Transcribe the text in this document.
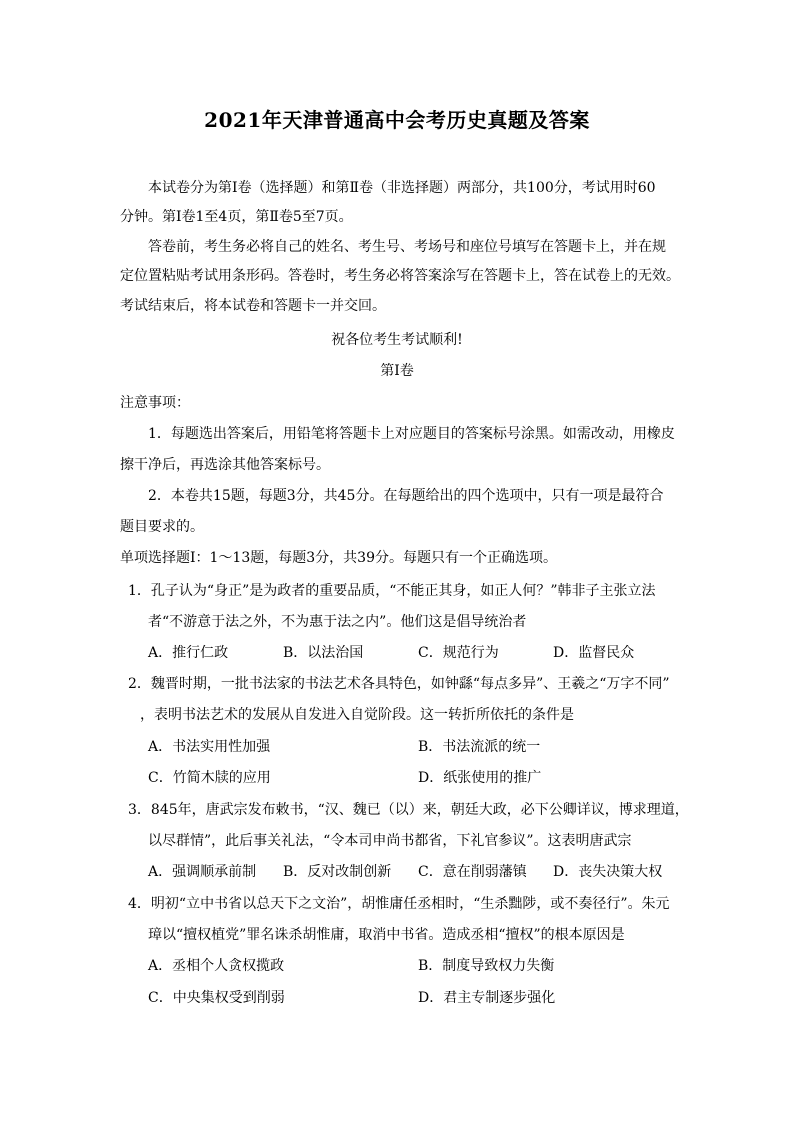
2021年天津普通高中会考历史真题及答案
本试卷分为第Ⅰ卷（选择题）和第Ⅱ卷（非选择题）两部分，共100分，考试用时60
分钟。第Ⅰ卷1至4页，第Ⅱ卷5至7页。
答卷前，考生务必将自己的姓名、考生号、考场号和座位号填写在答题卡上，并在规
定位置粘贴考试用条形码。答卷时，考生务必将答案涂写在答题卡上，答在试卷上的无效。
考试结束后，将本试卷和答题卡一并交回。
祝各位考生考试顺利!
第Ⅰ卷
注意事项：
1．每题选出答案后，用铅笔将答题卡上对应题目的答案标号涂黑。如需改动，用橡皮
擦干净后，再选涂其他答案标号。
2．本卷共15题，每题3分，共45分。在每题给出的四个选项中，只有一项是最符合
题目要求的。
单项选择题Ⅰ：1～13题，每题3分，共39分。每题只有一个正确选项。
1．孔子认为“身正”是为政者的重要品质，“不能正其身，如正人何？”韩非子主张立法
者“不游意于法之外，不为惠于法之内”。他们这是倡导统治者
A．推行仁政	B．以法治国	C．规范行为	D．监督民众
2．魏晋时期，一批书法家的书法艺术各具特色，如钟繇“每点多异”、王羲之“万字不同”
，表明书法艺术的发展从自发进入自觉阶段。这一转折所依托的条件是
A．书法实用性加强	B．书法流派的统一
C．竹简木牍的应用	D．纸张使用的推广
3．845年，唐武宗发布敕书，“汉、魏已（以）来，朝廷大政，必下公卿详议，博求理道，
以尽群情”，此后事关礼法，“令本司申尚书都省，下礼官参议”。这表明唐武宗
A．强调顺承前制 B．反对改制创新 C．意在削弱藩镇 D．丧失决策大权
4．明初“立中书省以总天下之文治”，胡惟庸任丞相时，“生杀黜陟，或不奏径行”。朱元
璋以“擅权植党”罪名诛杀胡惟庸，取消中书省。造成丞相“擅权”的根本原因是
A．丞相个人贪权揽政	B．制度导致权力失衡
C．中央集权受到削弱	D．君主专制逐步强化
